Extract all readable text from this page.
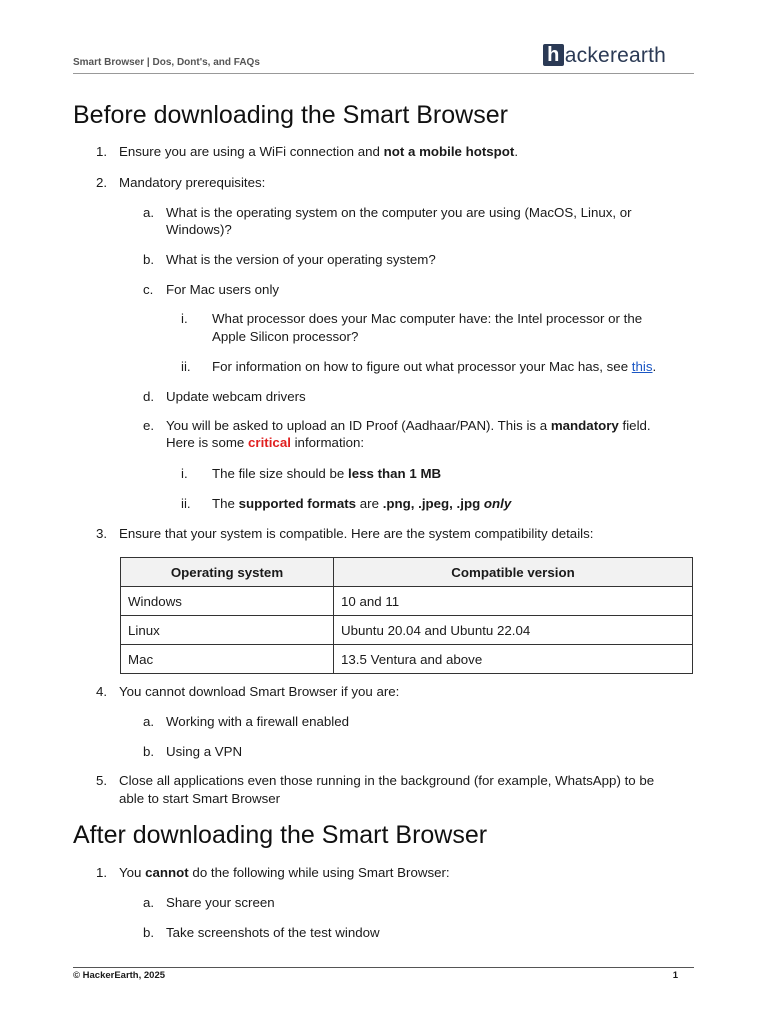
Smart Browser | Dos, Dont's, and FAQs	h ackerearth
Before downloading the Smart Browser
1. Ensure you are using a WiFi connection and not a mobile hotspot.
2. Mandatory prerequisites:
a. What is the operating system on the computer you are using (MacOS, Linux, or
Windows)?
b. What is the version of your operating system?
c. For Mac users only
i. What processor does your Mac computer have: the Intel processor or the
Apple Silicon processor?
ii. For information on how to figure out what processor your Mac has, see this.
d. Update webcam drivers
e. You will be asked to upload an ID Proof (Aadhaar/PAN). This is a mandatory field.
Here is some critical information:
i. The file size should be less than 1 MB
ii. The supported formats are .png, .jpeg, .jpg only
3. Ensure that your system is compatible. Here are the system compatibility details:
Operating system	Compatible version
Windows	10 and 11
Linux	Ubuntu 20.04 and Ubuntu 22.04
Mac	13.5 Ventura and above
4. You cannot download Smart Browser if you are:
a. Working with a firewall enabled
b. Using a VPN
5. Close all applications even those running in the background (for example, WhatsApp) to be
able to start Smart Browser
After downloading the Smart Browser
1. You cannot do the following while using Smart Browser:
a. Share your screen
b. Take screenshots of the test window
© HackerEarth, 2025	1
